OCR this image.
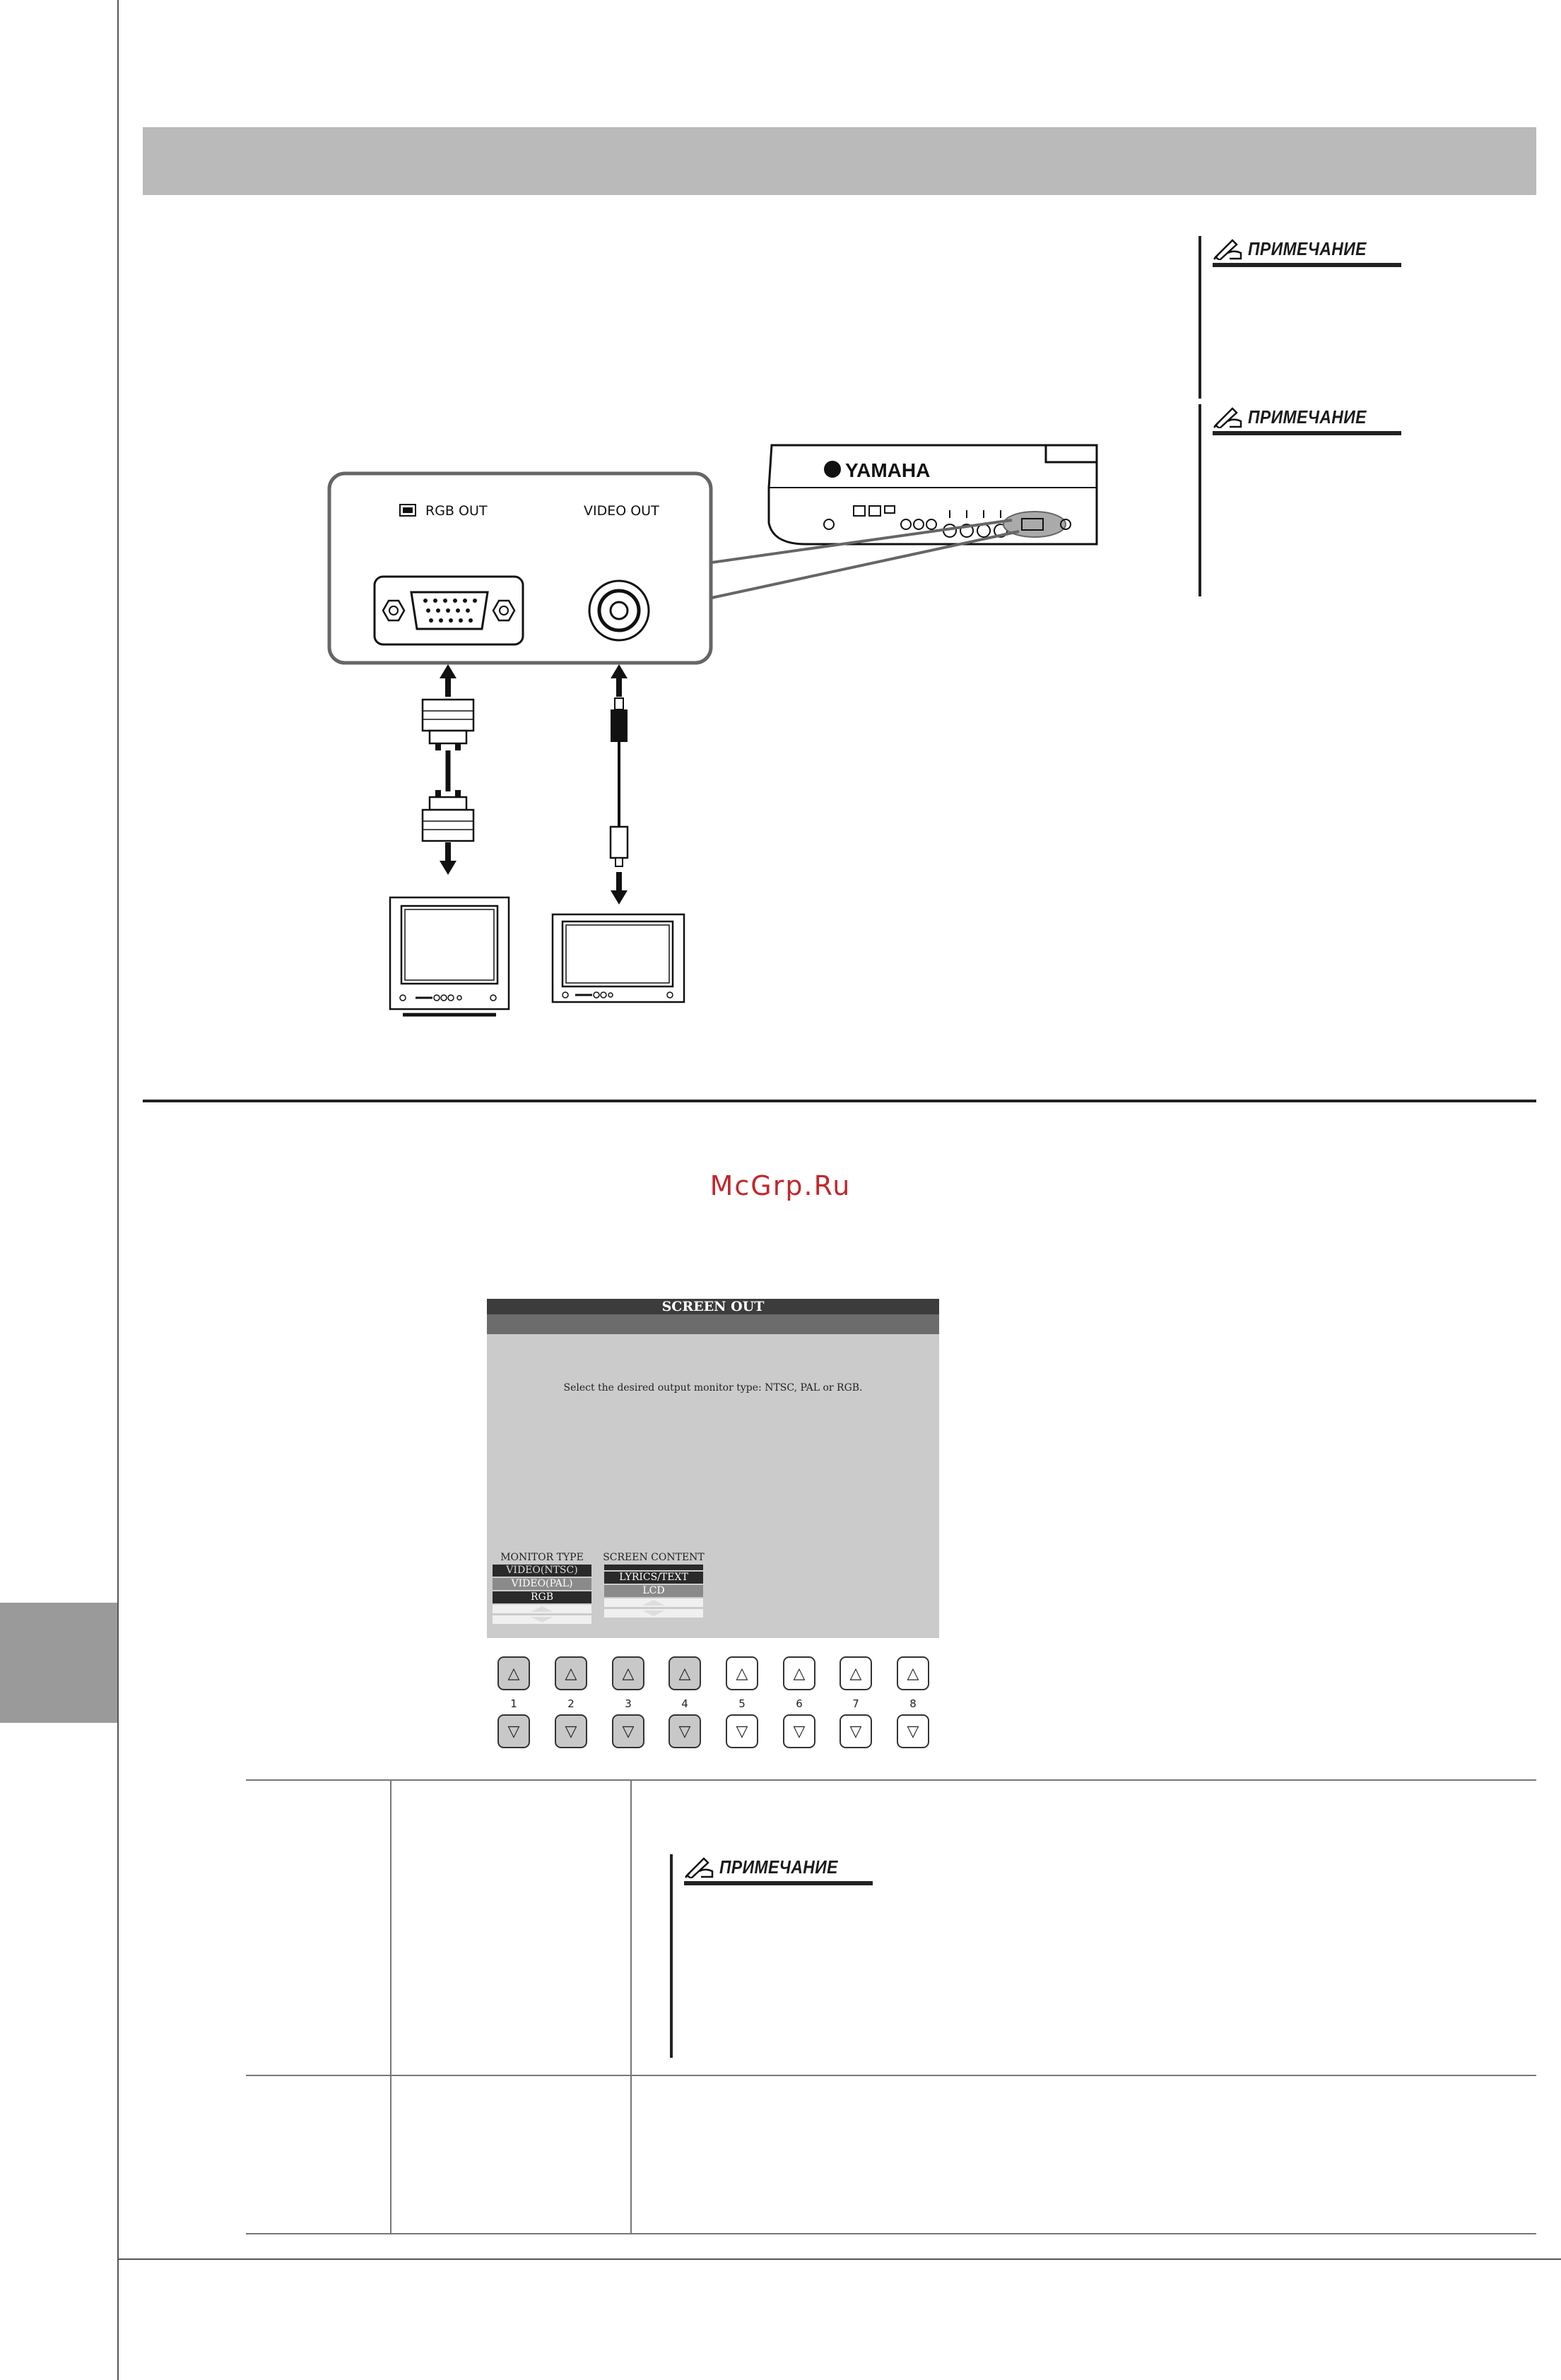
ПРИМЕЧАНИЕ
ПРИМЕЧАНИЕ
YAMAHA
RGB OUT	VIDEO OUT
McGrp.Ru
SCREEN OUT
Select the desired output monitor type: NTSC, PAL or RGB.
MONITOR TYPE
VIDEO(NTSC)
VIDEO(PAL)
RGB
SCREEN CONTENT
LYRICS/TEXT
LCD
△	△	△	△	△	△	△	△
1	2	3	4	5	6	7	8
▽	▽	▽	▽	▽	▽	▽	▽
ПРИМЕЧАНИЕ
